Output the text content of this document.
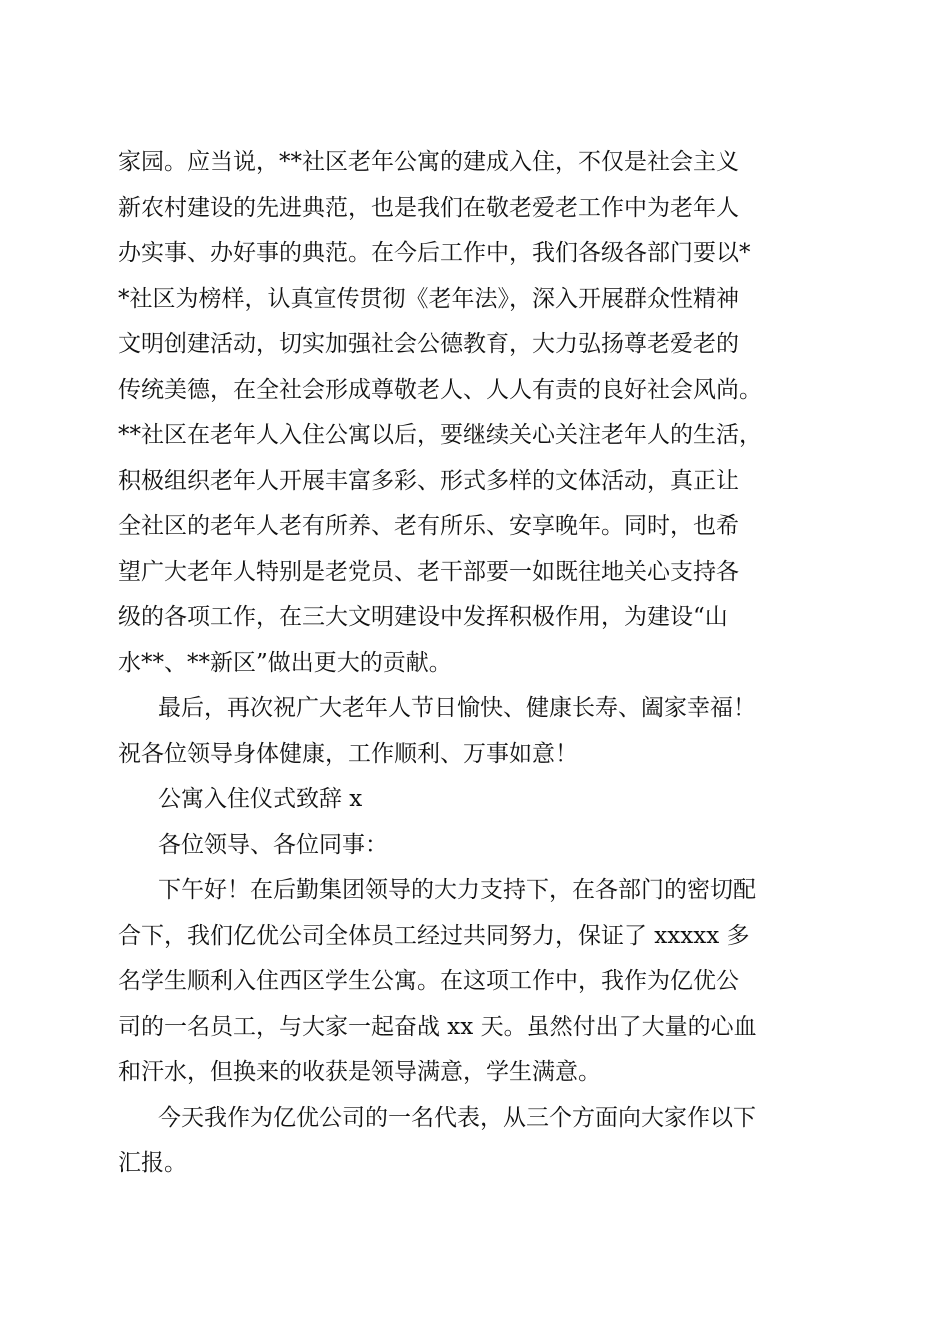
家园。应当说，**社区老年公寓的建成入住，不仅是社会主义
新农村建设的先进典范，也是我们在敬老爱老工作中为老年人
办实事、办好事的典范。在今后工作中，我们各级各部门要以*
*社区为榜样，认真宣传贯彻《老年法》，深入开展群众性精神
文明创建活动，切实加强社会公德教育，大力弘扬尊老爱老的
传统美德，在全社会形成尊敬老人、人人有责的良好社会风尚。
**社区在老年人入住公寓以后，要继续关心关注老年人的生活，
积极组织老年人开展丰富多彩、形式多样的文体活动，真正让
全社区的老年人老有所养、老有所乐、安享晚年。同时，也希
望广大老年人特别是老党员、老干部要一如既往地关心支持各
级的各项工作，在三大文明建设中发挥积极作用，为建设“山
水**、**新区”做出更大的贡献。
最后，再次祝广大老年人节日愉快、健康长寿、阖家幸福！
祝各位领导身体健康，工作顺利、万事如意！
公寓入住仪式致辞 x
各位领导、各位同事：
下午好！在后勤集团领导的大力支持下，在各部门的密切配
合下，我们亿优公司全体员工经过共同努力，保证了 xxxxx 多
名学生顺利入住西区学生公寓。在这项工作中，我作为亿优公
司的一名员工，与大家一起奋战 xx 天。虽然付出了大量的心血
和汗水，但换来的收获是领导满意，学生满意。
今天我作为亿优公司的一名代表，从三个方面向大家作以下
汇报。
